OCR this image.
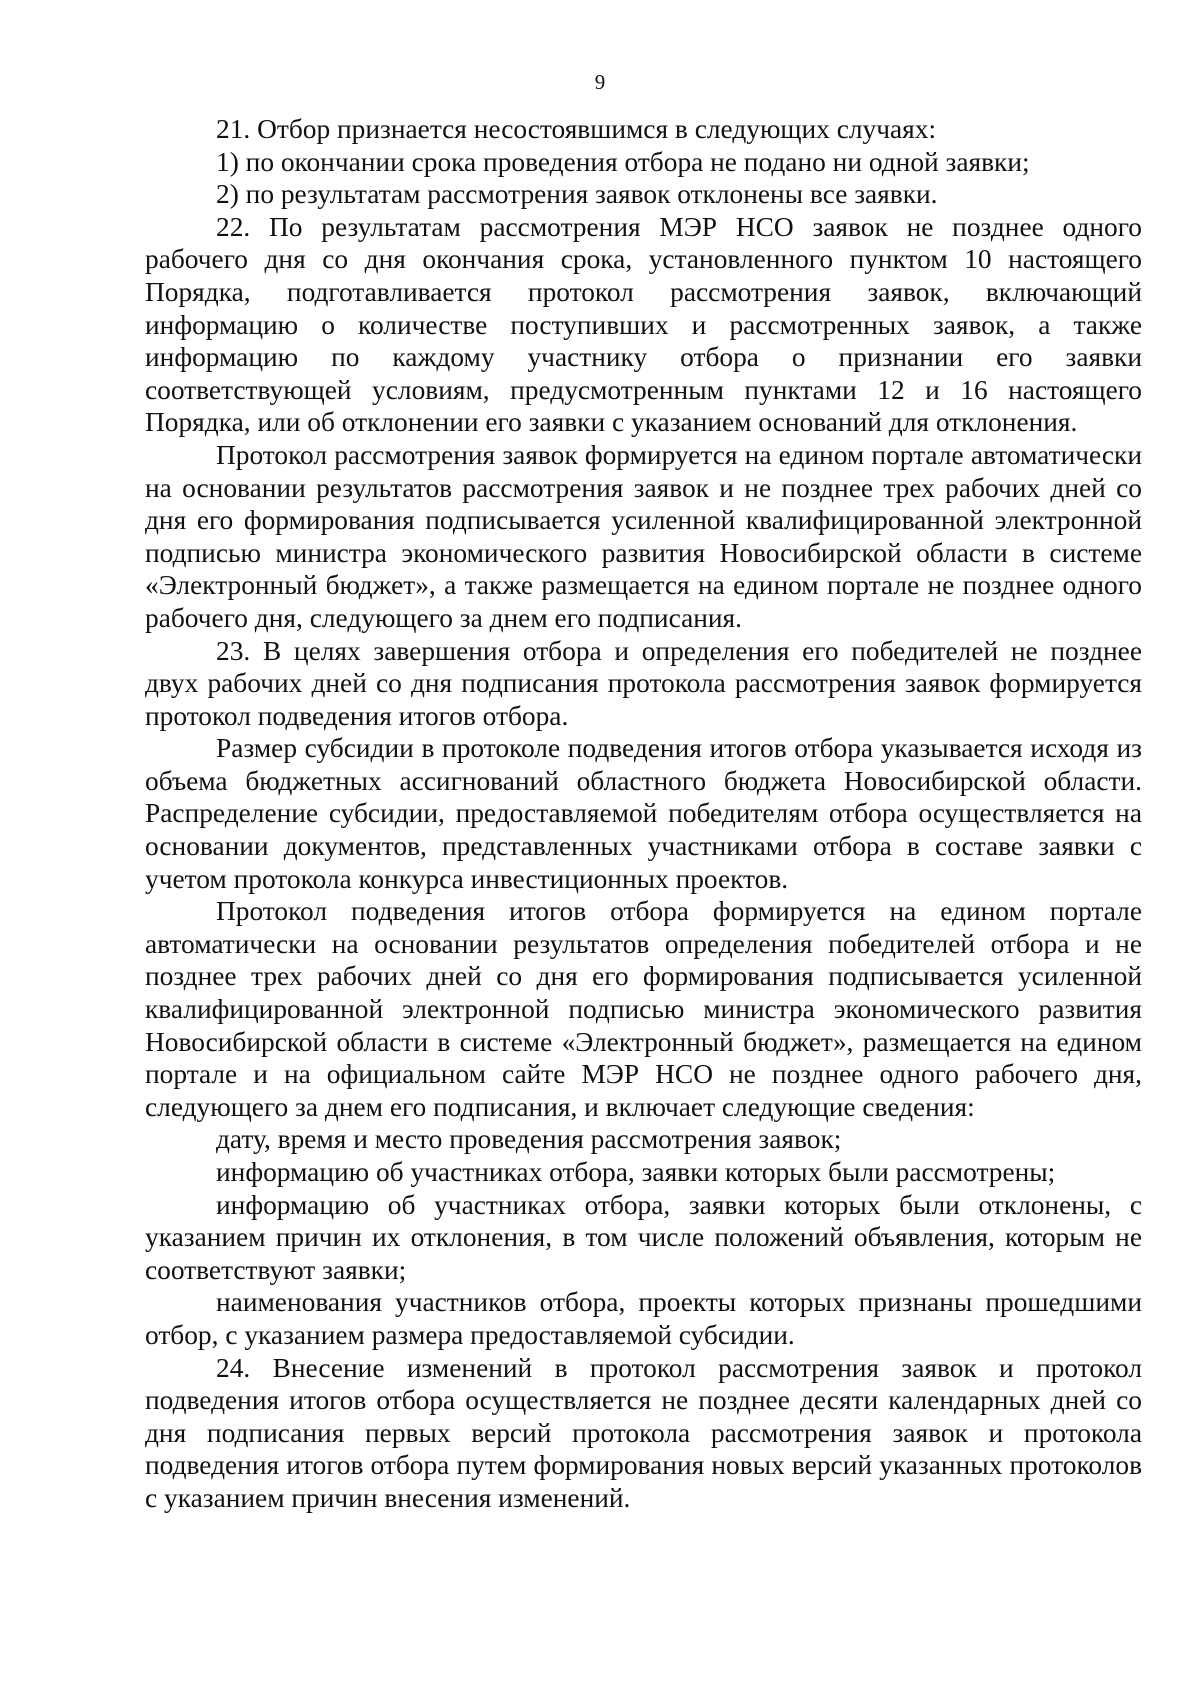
9

21. Отбор признается несостоявшимся в следующих случаях:

1) по окончании срока проведения отбора не подано ни одной заявки;

2) по результатам рассмотрения заявок отклонены все заявки.

22. По результатам рассмотрения МЭР НСО заявок не позднее одного рабочего дня со дня окончания срока, установленного пунктом 10 настоящего Порядка, подготавливается протокол рассмотрения заявок, включающий информацию о количестве поступивших и рассмотренных заявок, а также информацию по каждому участнику отбора о признании его заявки соответствующей условиям, предусмотренным пунктами 12 и 16 настоящего Порядка, или об отклонении его заявки с указанием оснований для отклонения.

Протокол рассмотрения заявок формируется на едином портале автоматически на основании результатов рассмотрения заявок и не позднее трех рабочих дней со дня его формирования подписывается усиленной квалифицированной электронной подписью министра экономического развития Новосибирской области в системе «Электронный бюджет», а также размещается на едином портале не позднее одного рабочего дня, следующего за днем его подписания.

23. В целях завершения отбора и определения его победителей не позднее двух рабочих дней со дня подписания протокола рассмотрения заявок формируется протокол подведения итогов отбора.

Размер субсидии в протоколе подведения итогов отбора указывается исходя из объема бюджетных ассигнований областного бюджета Новосибирской области. Распределение субсидии, предоставляемой победителям отбора осуществляется на основании документов, представленных участниками отбора в составе заявки с учетом протокола конкурса инвестиционных проектов.

Протокол подведения итогов отбора формируется на едином портале автоматически на основании результатов определения победителей отбора и не позднее трех рабочих дней со дня его формирования подписывается усиленной квалифицированной электронной подписью министра экономического развития Новосибирской области в системе «Электронный бюджет», размещается на едином портале и на официальном сайте МЭР НСО не позднее одного рабочего дня, следующего за днем его подписания, и включает следующие сведения:

дату, время и место проведения рассмотрения заявок;

информацию об участниках отбора, заявки которых были рассмотрены;

информацию об участниках отбора, заявки которых были отклонены, с указанием причин их отклонения, в том числе положений объявления, которым не соответствуют заявки;

наименования участников отбора, проекты которых признаны прошедшими отбор, с указанием размера предоставляемой субсидии.

24. Внесение изменений в протокол рассмотрения заявок и протокол подведения итогов отбора осуществляется не позднее десяти календарных дней со дня подписания первых версий протокола рассмотрения заявок и протокола подведения итогов отбора путем формирования новых версий указанных протоколов с указанием причин внесения изменений.
